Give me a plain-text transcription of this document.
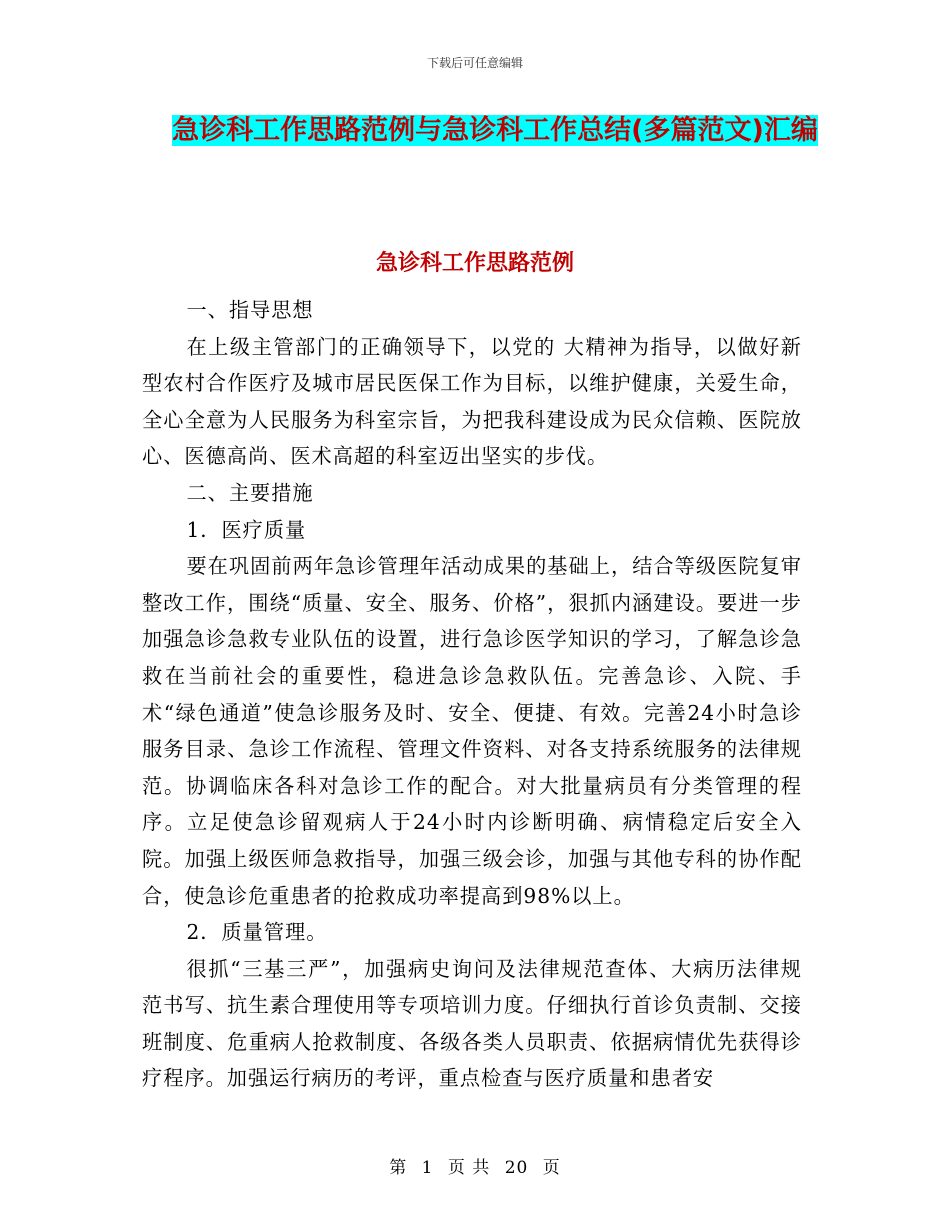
下载后可任意编辑
急诊科工作思路范例与急诊科工作总结(多篇范文)汇编
急诊科工作思路范例

一、指导思想

在上级主管部门的正确领导下，以党的 大精神为指导，以做好新型农村合作医疗及城市居民医保工作为目标，以维护健康，关爱生命，全心全意为人民服务为科室宗旨，为把我科建设成为民众信赖、医院放心、医德高尚、医术高超的科室迈出坚实的步伐。

二、主要措施

1．医疗质量

要在巩固前两年急诊管理年活动成果的基础上，结合等级医院复审整改工作，围绕“质量、安全、服务、价格”，狠抓内涵建设。要进一步加强急诊急救专业队伍的设置，进行急诊医学知识的学习，了解急诊急救在当前社会的重要性，稳进急诊急救队伍。完善急诊、入院、手术“绿色通道”使急诊服务及时、安全、便捷、有效。完善24小时急诊服务目录、急诊工作流程、管理文件资料、对各支持系统服务的法律规范。协调临床各科对急诊工作的配合。对大批量病员有分类管理的程序。立足使急诊留观病人于24小时内诊断明确、病情稳定后安全入院。加强上级医师急救指导，加强三级会诊，加强与其他专科的协作配合，使急诊危重患者的抢救成功率提高到98%以上。

2．质量管理。

很抓“三基三严”，加强病史询问及法律规范查体、大病历法律规范书写、抗生素合理使用等专项培训力度。仔细执行首诊负责制、交接班制度、危重病人抢救制度、各级各类人员职责、依据病情优先获得诊疗程序。加强运行病历的考评，重点检查与医疗质量和患者安

第 1 页 共 20 页
